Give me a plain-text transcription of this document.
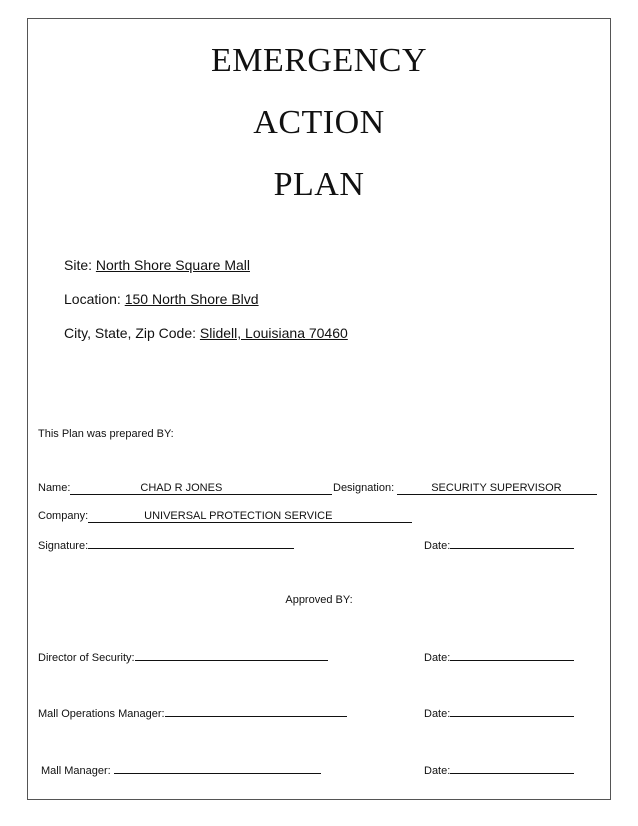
EMERGENCY
ACTION
PLAN
Site: North Shore Square Mall
Location: 150 North Shore Blvd
City, State, Zip Code: Slidell, Louisiana 70460
This Plan was prepared BY:
Name:	CHAD R JONES	Designation:	SECURITY SUPERVISOR
Company:	UNIVERSAL PROTECTION SERVICE
Signature:	Date:
Approved BY:
Director of Security:	Date:
Mall Operations Manager:	Date:
Mall Manager:	Date:
